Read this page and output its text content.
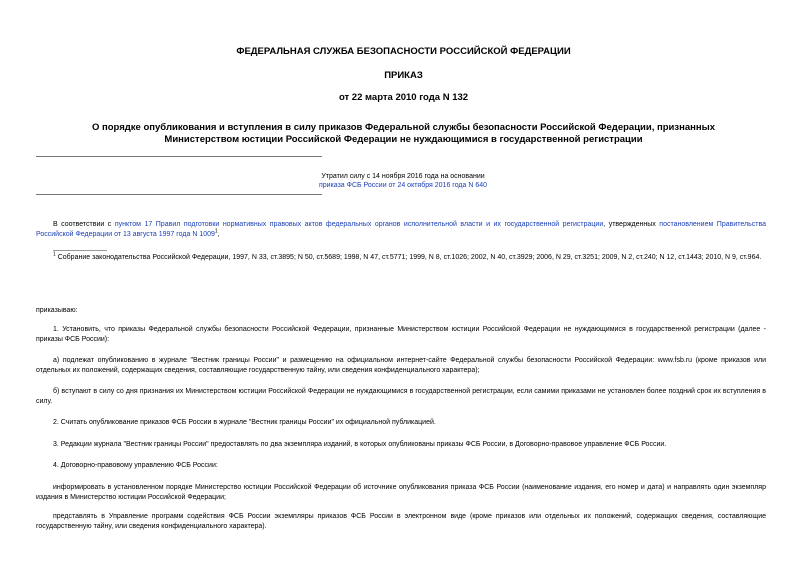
ФЕДЕРАЛЬНАЯ СЛУЖБА БЕЗОПАСНОСТИ РОССИЙСКОЙ ФЕДЕРАЦИИ

ПРИКАЗ

от 22 марта 2010 года N 132

О порядке опубликования и вступления в силу приказов Федеральной службы безопасности Российской Федерации, признанных Министерством юстиции Российской Федерации не нуждающимися в государственной регистрации

Утратил силу с 14 ноября 2016 года на основании
приказа ФСБ России от 24 октября 2016 года N 640

В соответствии с пунктом 17 Правил подготовки нормативных правовых актов федеральных органов исполнительной власти и их государственной регистрации, утвержденных постановлением Правительства Российской Федерации от 13 августа 1997 года N 1009$^1$,

$^1$ Собрание законодательства Российской Федерации, 1997, N 33, ст.3895; N 50, ст.5689; 1998, N 47, ст.5771; 1999, N 8, ст.1026; 2002, N 40, ст.3929; 2006, N 29, ст.3251; 2009, N 2, ст.240; N 12, ст.1443; 2010, N 9, ст.964.

приказываю:

1. Установить, что приказы Федеральной службы безопасности Российской Федерации, признанные Министерством юстиции Российской Федерации не нуждающимися в государственной регистрации (далее - приказы ФСБ России):

а) подлежат опубликованию в журнале "Вестник границы России" и размещению на официальном интернет-сайте Федеральной службы безопасности Российской Федерации: www.fsb.ru (кроме приказов или отдельных их положений, содержащих сведения, составляющие государственную тайну, или сведения конфиденциального характера);

б) вступают в силу со дня признания их Министерством юстиции Российской Федерации не нуждающимися в государственной регистрации, если самими приказами не установлен более поздний срок их вступления в силу.

2. Считать опубликование приказов ФСБ России в журнале "Вестник границы России" их официальной публикацией.

3. Редакции журнала "Вестник границы России" предоставлять по два экземпляра изданий, в которых опубликованы приказы ФСБ России, в Договорно-правовое управление ФСБ России.

4. Договорно-правовому управлению ФСБ России:

информировать в установленном порядке Министерство юстиции Российской Федерации об источнике опубликования приказа ФСБ России (наименование издания, его номер и дата) и направлять один экземпляр издания в Министерство юстиции Российской Федерации;

представлять в Управление программ содействия ФСБ России экземпляры приказов ФСБ России в электронном виде (кроме приказов или отдельных их положений, содержащих сведения, составляющие государственную тайну, или сведения конфиденциального характера).
